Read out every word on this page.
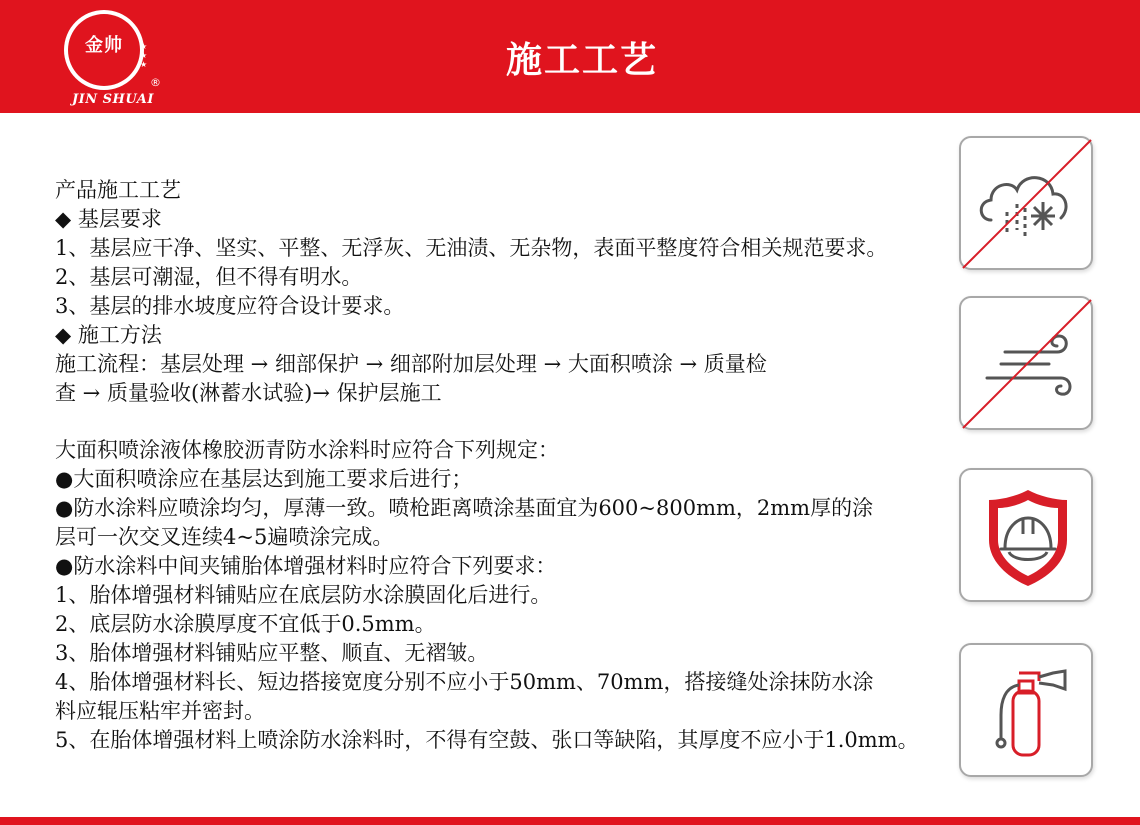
金帅	★
★
★
®
JIN SHUAI
施工工艺
产品施工工艺
◆ 基层要求
1、基层应干净、坚实、平整、无浮灰、无油渍、无杂物，表面平整度符合相关规范要求。
2、基层可潮湿，但不得有明水。
3、基层的排水坡度应符合设计要求。
◆ 施工方法
施工流程：基层处理 → 细部保护 → 细部附加层处理 → 大面积喷涂 → 质量检
查 → 质量验收(淋蓄水试验)→ 保护层施工
大面积喷涂液体橡胶沥青防水涂料时应符合下列规定：
●大面积喷涂应在基层达到施工要求后进行；
●防水涂料应喷涂均匀，厚薄一致。喷枪距离喷涂基面宜为600~800mm，2mm厚的涂
层可一次交叉连续4~5遍喷涂完成。
●防水涂料中间夹铺胎体增强材料时应符合下列要求：
1、胎体增强材料铺贴应在底层防水涂膜固化后进行。
2、底层防水涂膜厚度不宜低于0.5mm。
3、胎体增强材料铺贴应平整、顺直、无褶皱。
4、胎体增强材料长、短边搭接宽度分别不应小于50mm、70mm，搭接缝处涂抹防水涂
料应辊压粘牢并密封。
5、在胎体增强材料上喷涂防水涂料时，不得有空鼓、张口等缺陷，其厚度不应小于1.0mm。
